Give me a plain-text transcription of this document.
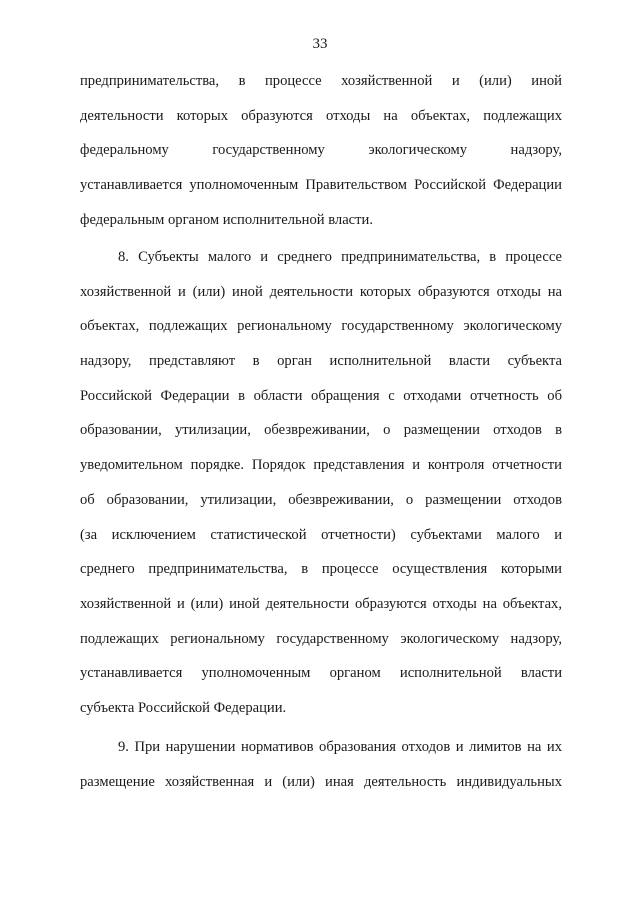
33
предпринимательства, в процессе хозяйственной и (или) иной
деятельности которых образуются отходы на объектах, подлежащих
федеральному государственному экологическому надзору,
устанавливается уполномоченным Правительством Российской Федерации
федеральным органом исполнительной власти.
8. Субъекты малого и среднего предпринимательства, в процессе
хозяйственной и (или) иной деятельности которых образуются отходы на
объектах, подлежащих региональному государственному экологическому
надзору, представляют в орган исполнительной власти субъекта
Российской Федерации в области обращения с отходами отчетность об
образовании, утилизации, обезвреживании, о размещении отходов в
уведомительном порядке. Порядок представления и контроля отчетности
об образовании, утилизации, обезвреживании, о размещении отходов
(за исключением статистической отчетности) субъектами малого и
среднего предпринимательства, в процессе осуществления которыми
хозяйственной и (или) иной деятельности образуются отходы на объектах,
подлежащих региональному государственному экологическому надзору,
устанавливается уполномоченным органом исполнительной власти
субъекта Российской Федерации.
9. При нарушении нормативов образования отходов и лимитов на их
размещение хозяйственная и (или) иная деятельность индивидуальных
